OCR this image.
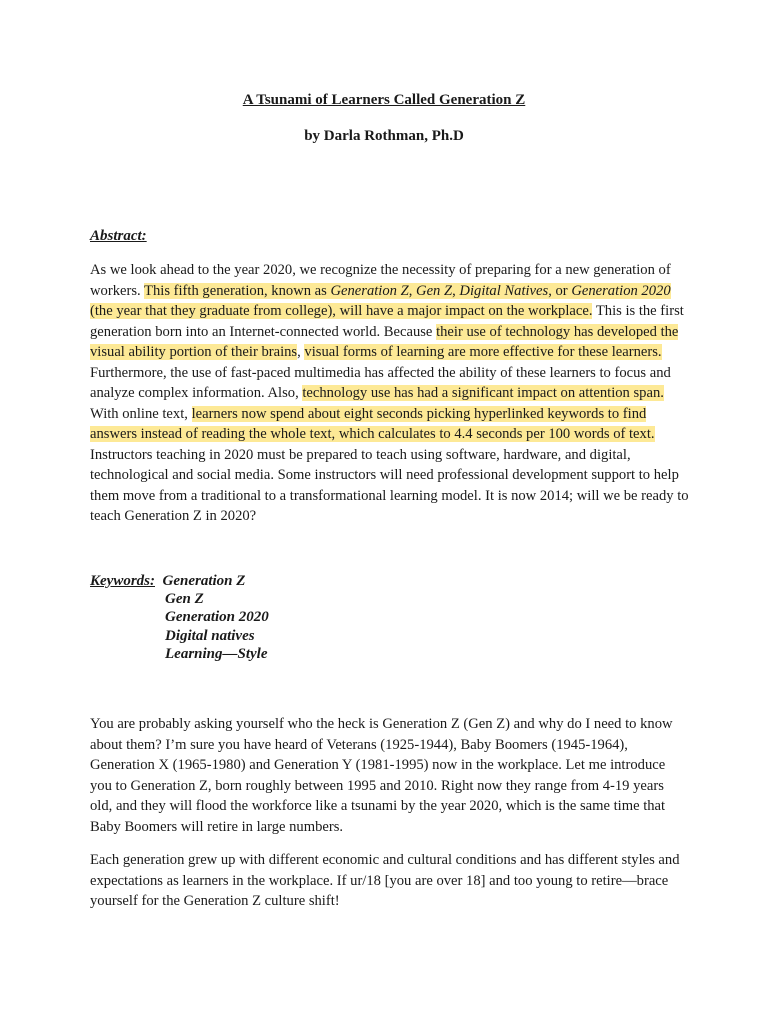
A Tsunami of Learners Called Generation Z
by Darla Rothman, Ph.D
Abstract:
As we look ahead to the year 2020, we recognize the necessity of preparing for a new generation of workers. This fifth generation, known as Generation Z, Gen Z, Digital Natives, or Generation 2020 (the year that they graduate from college), will have a major impact on the workplace. This is the first generation born into an Internet-connected world. Because their use of technology has developed the visual ability portion of their brains, visual forms of learning are more effective for these learners. Furthermore, the use of fast-paced multimedia has affected the ability of these learners to focus and analyze complex information. Also, technology use has had a significant impact on attention span. With online text, learners now spend about eight seconds picking hyperlinked keywords to find answers instead of reading the whole text, which calculates to 4.4 seconds per 100 words of text. Instructors teaching in 2020 must be prepared to teach using software, hardware, and digital, technological and social media. Some instructors will need professional development support to help them move from a traditional to a transformational learning model. It is now 2014; will we be ready to teach Generation Z in 2020?
Keywords: Generation Z
Gen Z
Generation 2020
Digital natives
Learning—Style

You are probably asking yourself who the heck is Generation Z (Gen Z) and why do I need to know about them? I’m sure you have heard of Veterans (1925-1944), Baby Boomers (1945-1964), Generation X (1965-1980) and Generation Y (1981-1995) now in the workplace. Let me introduce you to Generation Z, born roughly between 1995 and 2010. Right now they range from 4-19 years old, and they will flood the workforce like a tsunami by the year 2020, which is the same time that Baby Boomers will retire in large numbers.

Each generation grew up with different economic and cultural conditions and has different styles and expectations as learners in the workplace. If ur/18 [you are over 18] and too young to retire—brace yourself for the Generation Z culture shift!
